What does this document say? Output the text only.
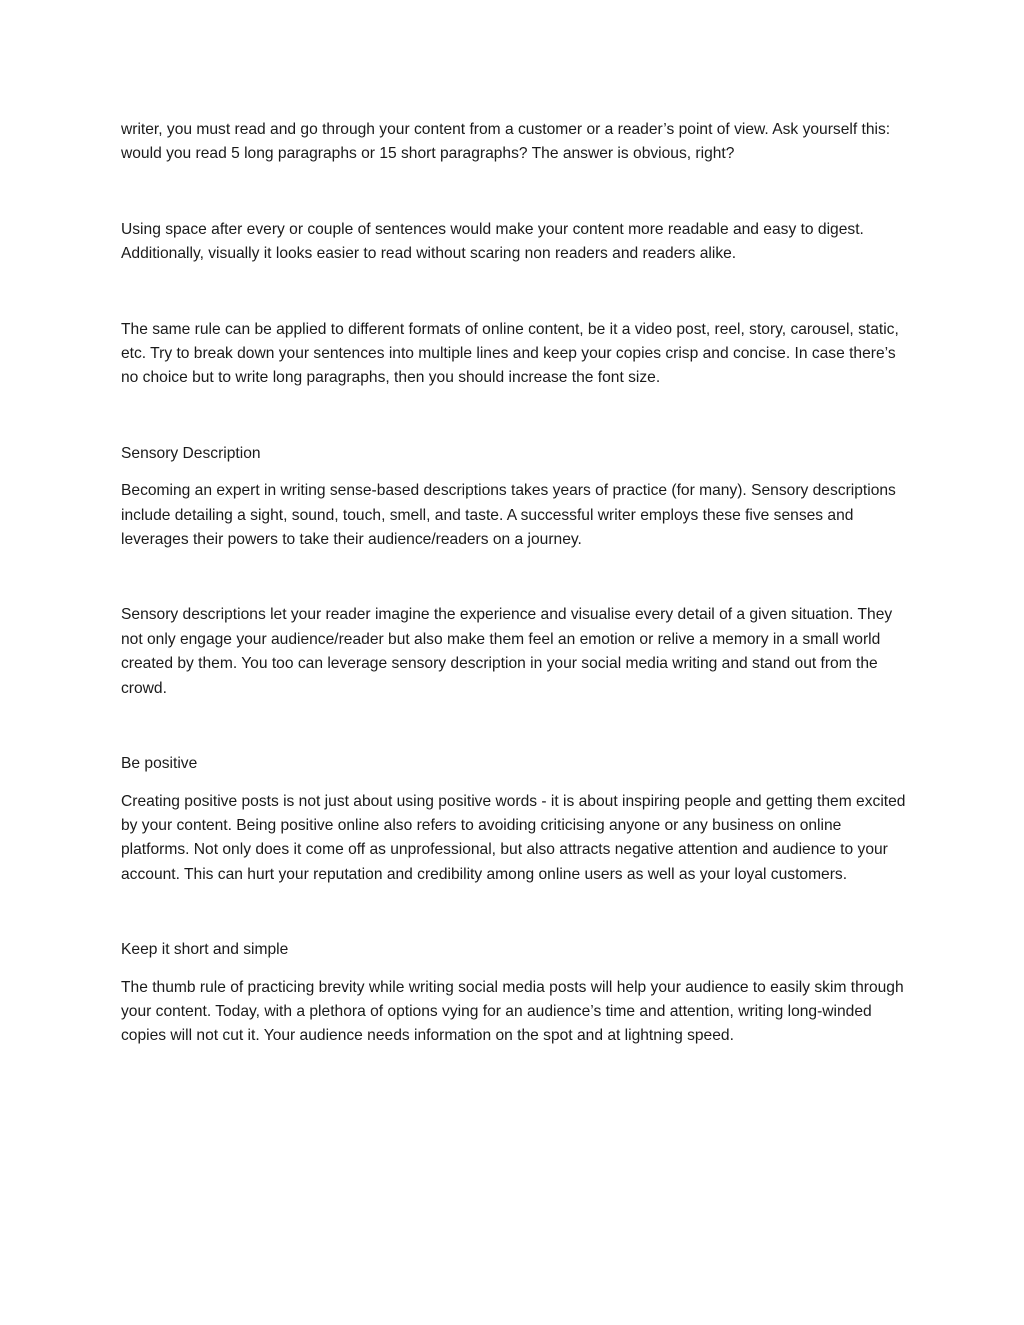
writer, you must read and go through your content from a customer or a reader’s point of view. Ask yourself this: would you read 5 long paragraphs or 15 short paragraphs? The answer is obvious, right?

Using space after every or couple of sentences would make your content more readable and easy to digest. Additionally, visually it looks easier to read without scaring non readers and readers alike.

The same rule can be applied to different formats of online content, be it a video post, reel, story, carousel, static, etc. Try to break down your sentences into multiple lines and keep your copies crisp and concise. In case there’s no choice but to write long paragraphs, then you should increase the font size.

Sensory Description

Becoming an expert in writing sense-based descriptions takes years of practice (for many). Sensory descriptions include detailing a sight, sound, touch, smell, and taste. A successful writer employs these five senses and leverages their powers to take their audience/readers on a journey.

Sensory descriptions let your reader imagine the experience and visualise every detail of a given situation. They not only engage your audience/reader but also make them feel an emotion or relive a memory in a small world created by them. You too can leverage sensory description in your social media writing and stand out from the crowd.

Be positive

Creating positive posts is not just about using positive words - it is about inspiring people and getting them excited by your content. Being positive online also refers to avoiding criticising anyone or any business on online platforms. Not only does it come off as unprofessional, but also attracts negative attention and audience to your account. This can hurt your reputation and credibility among online users as well as your loyal customers.

Keep it short and simple

The thumb rule of practicing brevity while writing social media posts will help your audience to easily skim through your content. Today, with a plethora of options vying for an audience’s time and attention, writing long-winded copies will not cut it. Your audience needs information on the spot and at lightning speed.
